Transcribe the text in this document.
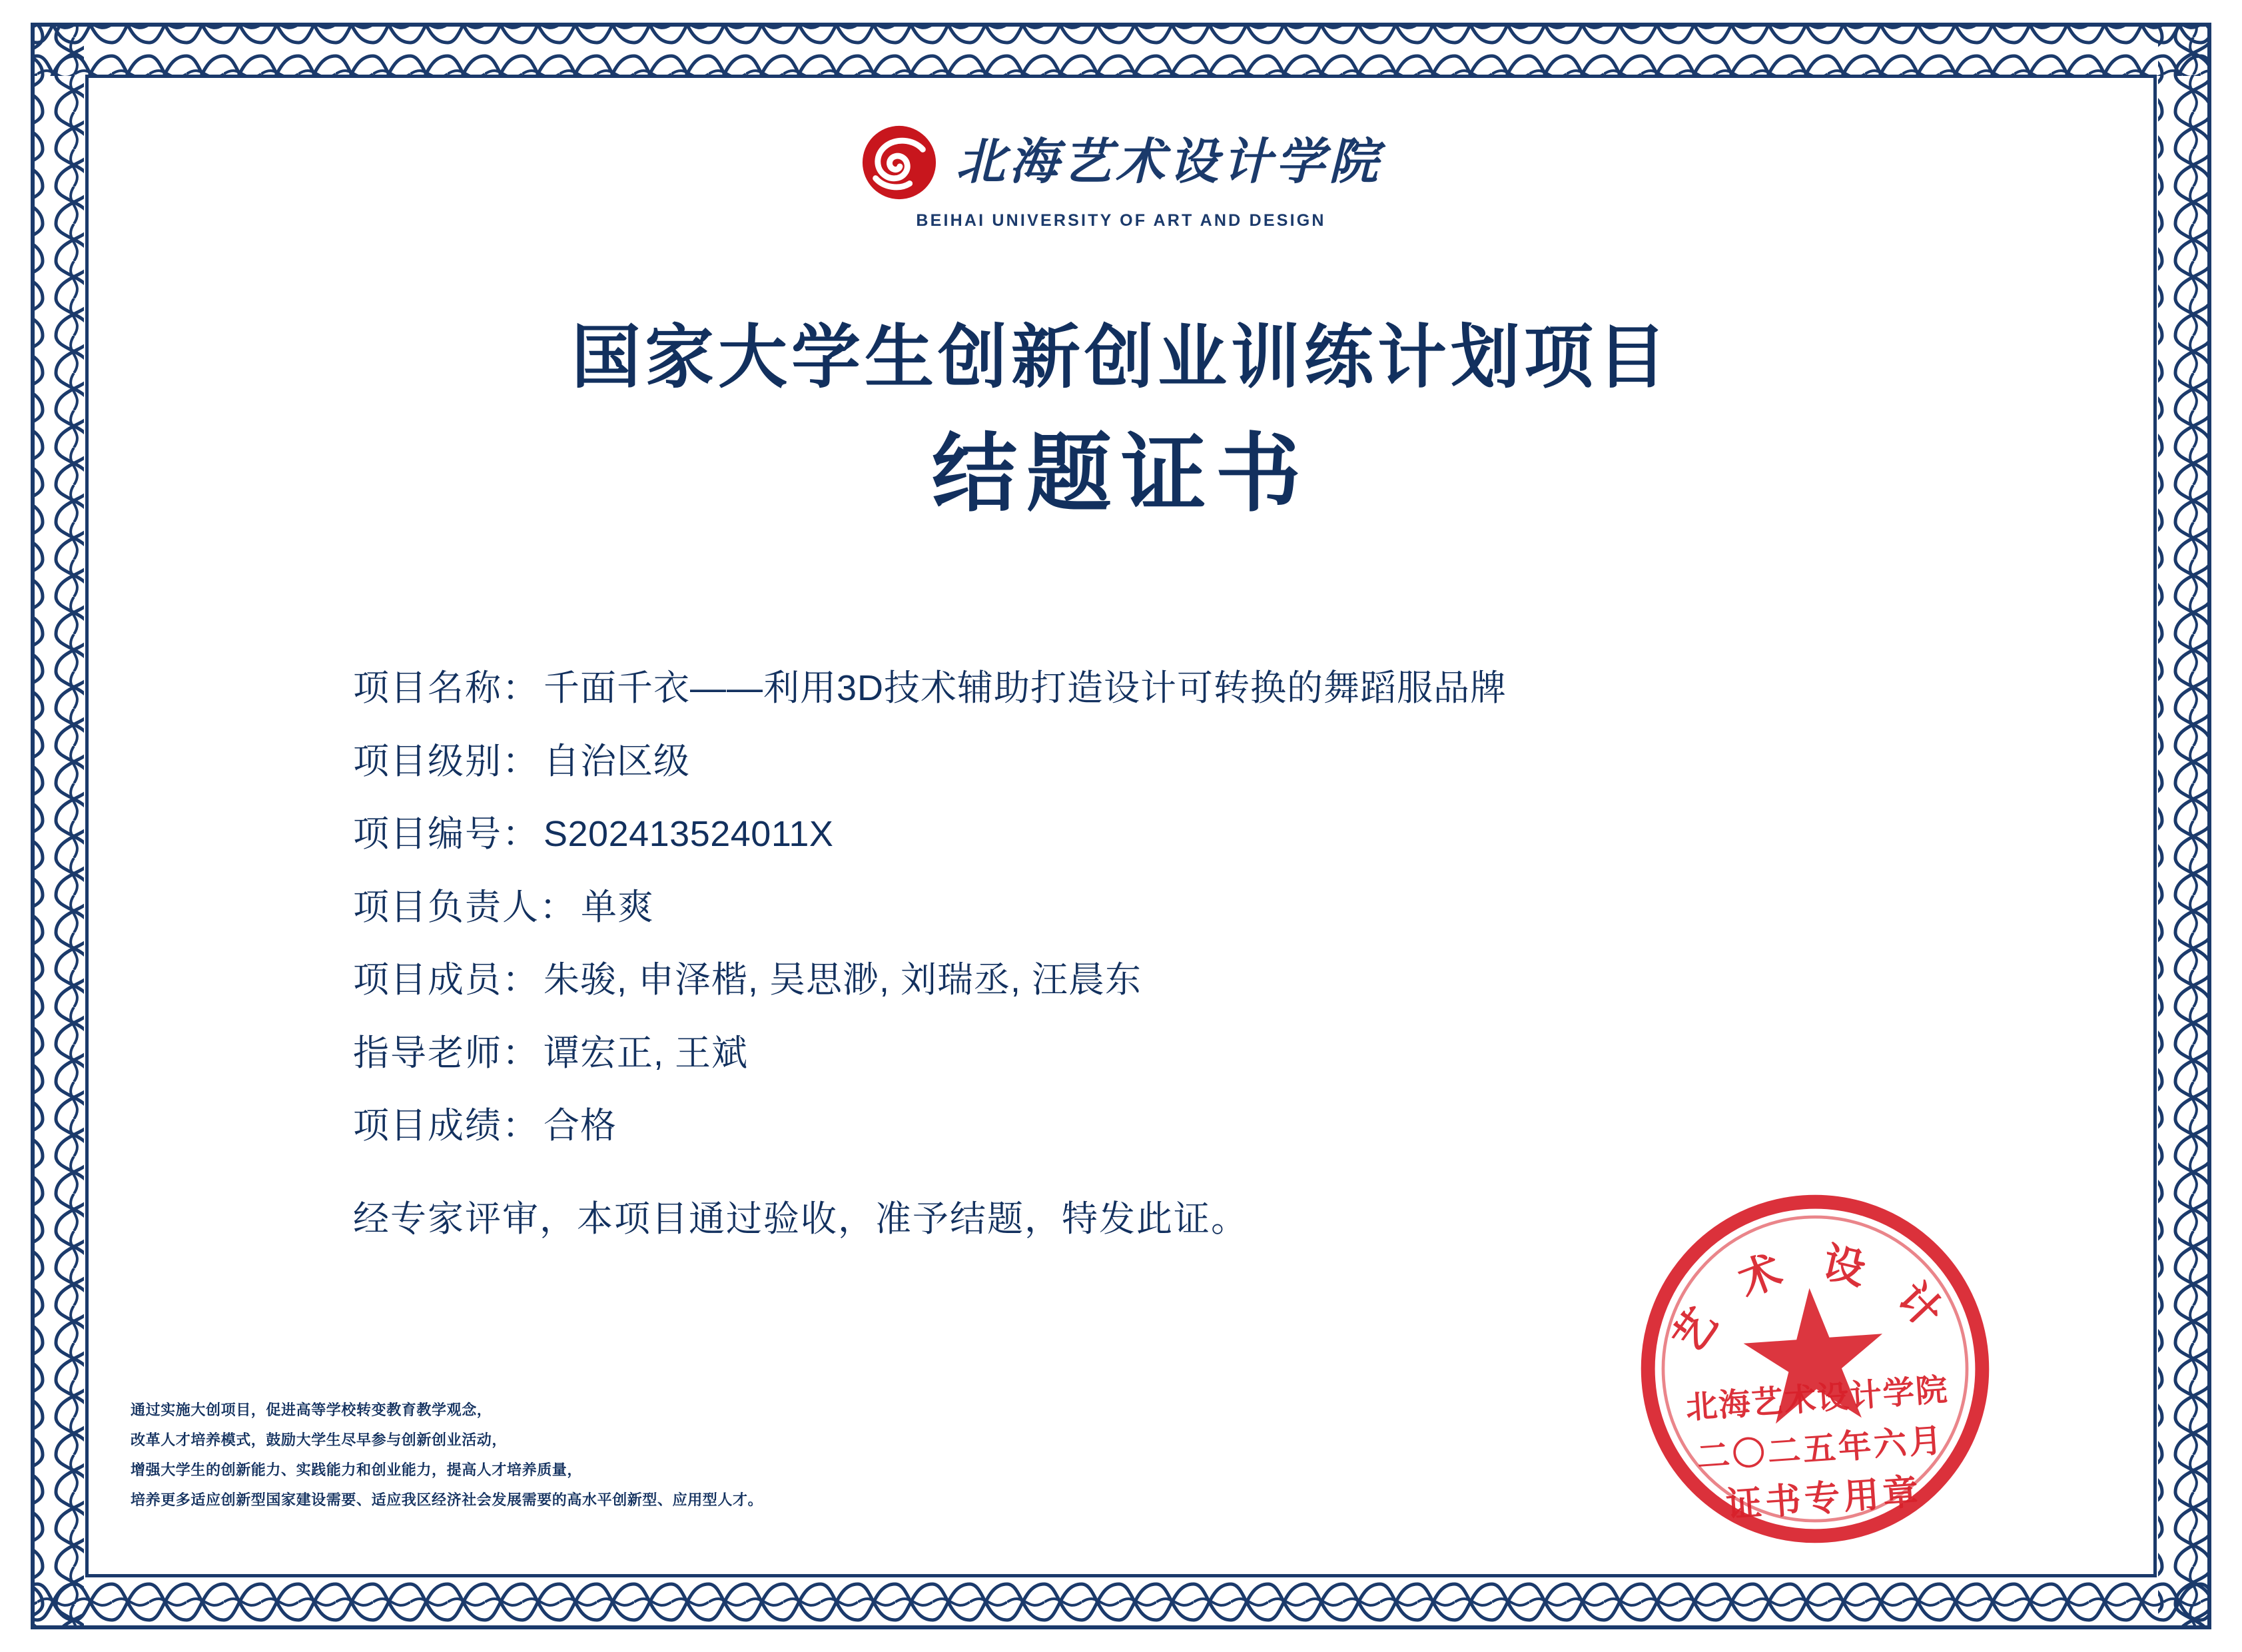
北海艺术设计学院
BEIHAI UNIVERSITY OF ART AND DESIGN
国家大学生创新创业训练计划项目
结题证书
项目名称： 千面千衣——利用3D技术辅助打造设计可转换的舞蹈服品牌
项目级别： 自治区级
项目编号： S202413524011X
项目负责人： 单爽
项目成员： 朱骏, 申泽楷, 吴思渺, 刘瑞丞, 汪晨东
指导老师： 谭宏正, 王斌
项目成绩： 合格
经专家评审，本项目通过验收，准予结题，特发此证。
通过实施大创项目，促进高等学校转变教育教学观念，
改革人才培养模式，鼓励大学生尽早参与创新创业活动，
增强大学生的创新能力、实践能力和创业能力，提高人才培养质量，
培养更多适应创新型国家建设需要、适应我区经济社会发展需要的高水平创新型、应用型人才。
艺 术 设 计
北海艺术设计学院
二〇二五年六月
证书专用章
